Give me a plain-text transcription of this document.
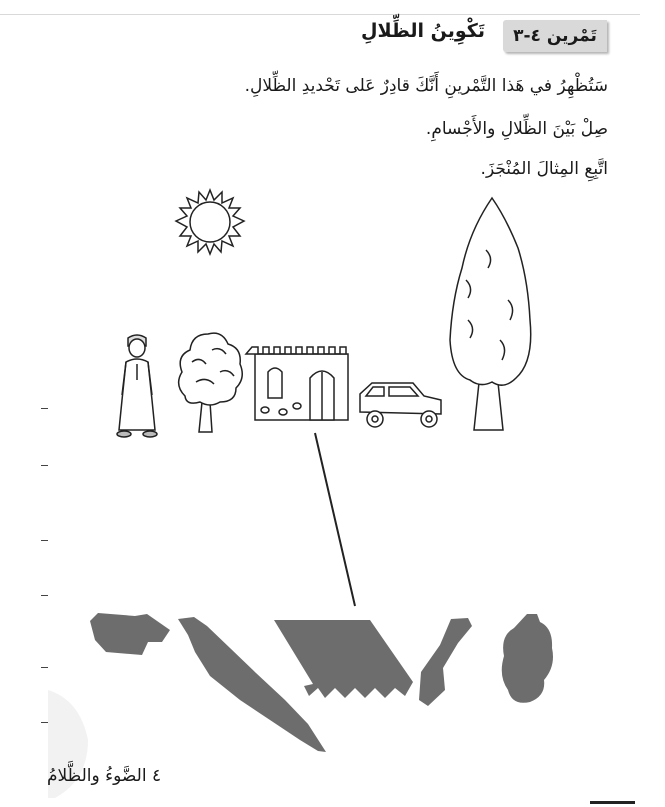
تَمْرين ٤-٣
تَكْوِينُ الظِّلالِ
سَتُظْهِرُ في هَذا التَّمْرينِ أَنَّكَ قادِرٌ عَلى تَحْديدِ الظِّلالِ.
صِلْ بَيْنَ الظِّلالِ والأَجْسامِ.
اتَّبِعِ المِثالَ المُنْجَزَ.
٤ الضَّوءُ والظَّلامُ
